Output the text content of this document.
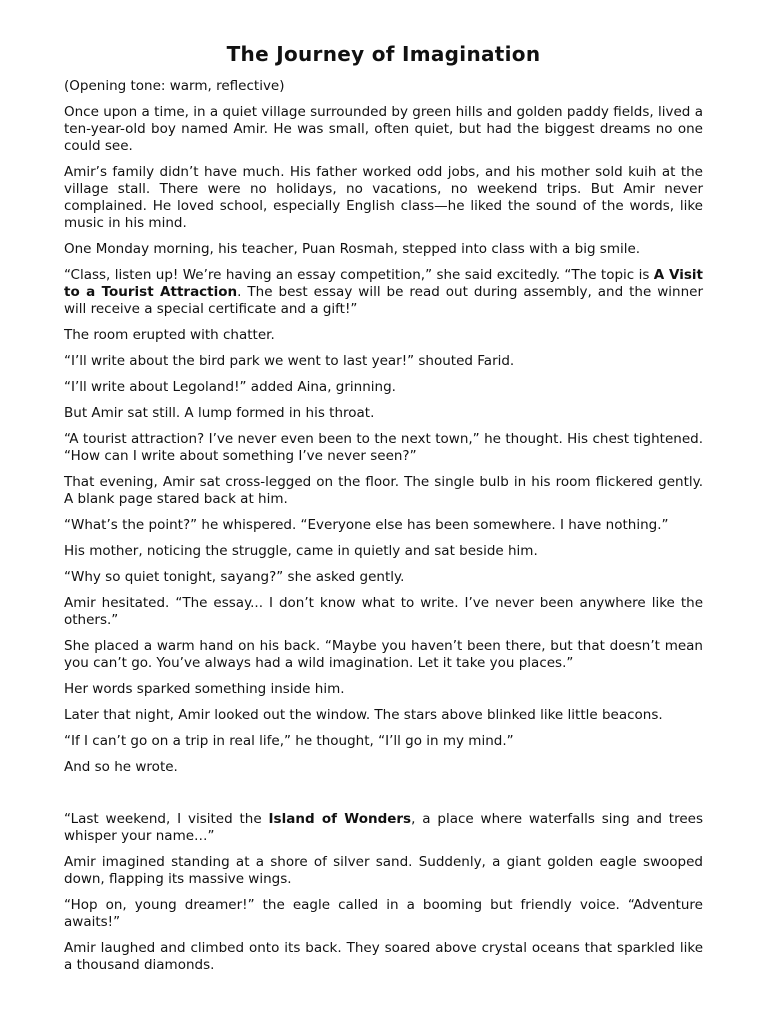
The Journey of Imagination

(Opening tone: warm, reflective)

Once upon a time, in a quiet village surrounded by green hills and golden paddy fields, lived a ten-year-old boy named Amir. He was small, often quiet, but had the biggest dreams no one could see.

Amir’s family didn’t have much. His father worked odd jobs, and his mother sold kuih at the village stall. There were no holidays, no vacations, no weekend trips. But Amir never complained. He loved school, especially English class—he liked the sound of the words, like music in his mind.

One Monday morning, his teacher, Puan Rosmah, stepped into class with a big smile.

“Class, listen up! We’re having an essay competition,” she said excitedly. “The topic is A Visit to a Tourist Attraction. The best essay will be read out during assembly, and the winner will receive a special certificate and a gift!”

The room erupted with chatter.

“I’ll write about the bird park we went to last year!” shouted Farid.

“I’ll write about Legoland!” added Aina, grinning.

But Amir sat still. A lump formed in his throat.

“A tourist attraction? I’ve never even been to the next town,” he thought. His chest tightened. “How can I write about something I’ve never seen?”

That evening, Amir sat cross-legged on the floor. The single bulb in his room flickered gently. A blank page stared back at him.

“What’s the point?” he whispered. “Everyone else has been somewhere. I have nothing.”

His mother, noticing the struggle, came in quietly and sat beside him.

“Why so quiet tonight, sayang?” she asked gently.

Amir hesitated. “The essay... I don’t know what to write. I’ve never been anywhere like the others.”

She placed a warm hand on his back. “Maybe you haven’t been there, but that doesn’t mean you can’t go. You’ve always had a wild imagination. Let it take you places.”

Her words sparked something inside him.

Later that night, Amir looked out the window. The stars above blinked like little beacons.

“If I can’t go on a trip in real life,” he thought, “I’ll go in my mind.”

And so he wrote.

“Last weekend, I visited the Island of Wonders, a place where waterfalls sing and trees whisper your name…”

Amir imagined standing at a shore of silver sand. Suddenly, a giant golden eagle swooped down, flapping its massive wings.

“Hop on, young dreamer!” the eagle called in a booming but friendly voice. “Adventure awaits!”

Amir laughed and climbed onto its back. They soared above crystal oceans that sparkled like a thousand diamonds.
